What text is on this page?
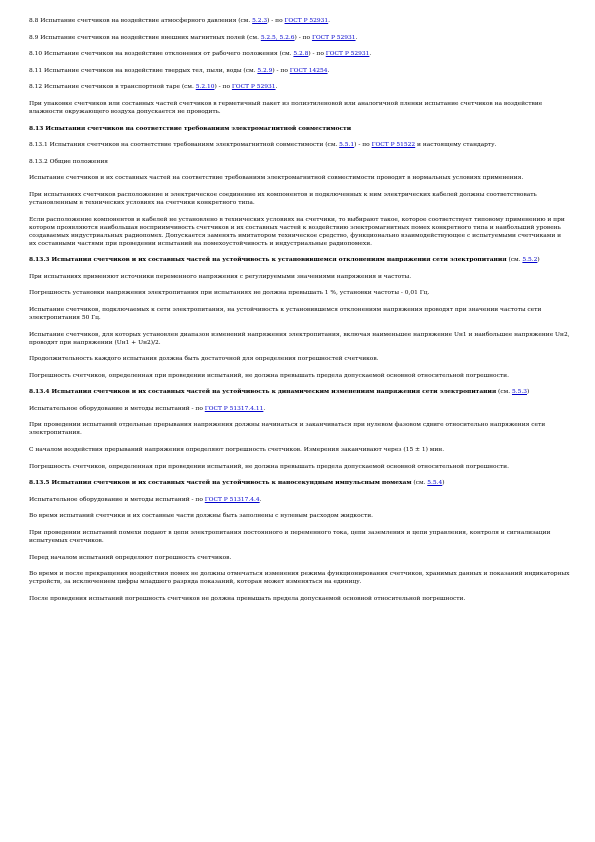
8.8 Испытание счетчиков на воздействие атмосферного давления (см. 5.2.3) - по ГОСТ Р 52931.

8.9 Испытание счетчиков на воздействие внешних магнитных полей (см. 5.2.5, 5.2.6) - по ГОСТ Р 52931.

8.10 Испытание счетчиков на воздействие отклонения от рабочего положения (см. 5.2.8) - по ГОСТ Р 52931.

8.11 Испытание счетчиков на воздействие твердых тел, пыли, воды (см. 5.2.9) - по ГОСТ 14254.

8.12 Испытание счетчиков в транспортной таре (см. 5.2.10) - по ГОСТ Р 52931.

При упаковке счетчиков или составных частей счетчиков в герметичный пакет из полиэтиленовой или аналогичной пленки испытание счетчиков на воздействие влажности окружающего воздуха допускается не проводить.

8.13 Испытания счетчиков на соответствие требованиям электромагнитной совместимости

8.13.1 Испытания счетчиков на соответствие требованиям электромагнитной совместимости (см. 5.5.1) - по ГОСТ Р 51522 и настоящему стандарту.

8.13.2 Общие положения

Испытание счетчиков и их составных частей на соответствие требованиям электромагнитной совместимости проводят в нормальных условиях применения.

При испытаниях счетчиков расположение и электрическое соединение их компонентов и подключенных к ним электрических кабелей должны соответствовать установленным в технических условиях на счетчики конкретного типа.

Если расположение компонентов и кабелей не установлено в технических условиях на счетчики, то выбирают такое, которое соответствует типовому применению и при котором проявляются наибольшая восприимчивость счетчиков и их составных частей к воздействию электромагнитных помех конкретного типа и наибольший уровень создаваемых индустриальных радиопомех. Допускается заменять имитатором техническое средство, функционально взаимодействующее с испытуемыми счетчиками и их составными частями при проведении испытаний на помехоустойчивость и индустриальные радиопомехи.

8.13.3 Испытания счетчиков и их составных частей на устойчивость к установившемся отклонениям напряжения сети электропитания (см. 5.5.2)

При испытаниях применяют источники переменного напряжения с регулируемыми значениями напряжения и частоты.

Погрешность установки напряжения электропитания при испытаниях не должна превышать 1 %, установки частоты - 0,01 Гц.

Испытание счетчиков, подключаемых к сети электропитания, на устойчивость к установившемся отклонениям напряжения проводят при значении частоты сети электропитания 50 Гц.

Испытание счетчиков, для которых установлен диапазон изменений напряжения электропитания, включая наименьшее напряжение Uн1 и наибольшее напряжение Uн2, проводят при напряжении (Uн1 + Uн2)/2.

Продолжительность каждого испытания должна быть достаточной для определения погрешностей счетчиков.

Погрешность счетчиков, определенная при проведении испытаний, не должна превышать предела допускаемой основной относительной погрешности.

8.13.4 Испытания счетчиков и их составных частей на устойчивость к динамическим изменениям напряжения сети электропитания (см. 5.5.3)

Испытательное оборудование и методы испытаний - по ГОСТ Р 51317.4.11.

При проведении испытаний отдельные прерывания напряжения должны начинаться и заканчиваться при нулевом фазовом сдвиге относительно напряжения сети электропитания.

С началом воздействия прерываний напряжения определяют погрешность счетчиков. Измерения заканчивают через (15 ± 1) мин.

Погрешность счетчиков, определенная при проведении испытаний, не должна превышать предела допускаемой основной относительной погрешности.

8.13.5 Испытания счетчиков и их составных частей на устойчивость к наносекундным импульсным помехам (см. 5.5.4)

Испытательное оборудование и методы испытаний - по ГОСТ Р 51317.4.4.

Во время испытаний счетчики и их составные части должны быть заполнены с нулевым расходом жидкости.

При проведении испытаний помехи подают в цепи электропитания постоянного и переменного тока, цепи заземления и цепи управления, контроля и сигнализации испытуемых счетчиков.

Перед началом испытаний определяют погрешность счетчиков.

Во время и после прекращения воздействия помех не должны отмечаться изменения режима функционирования счетчиков, хранимых данных и показаний индикаторных устройств, за исключением цифры младшего разряда показаний, которая может изменяться на единицу.

После проведения испытаний погрешность счетчиков не должна превышать предела допускаемой основной относительной погрешности.
